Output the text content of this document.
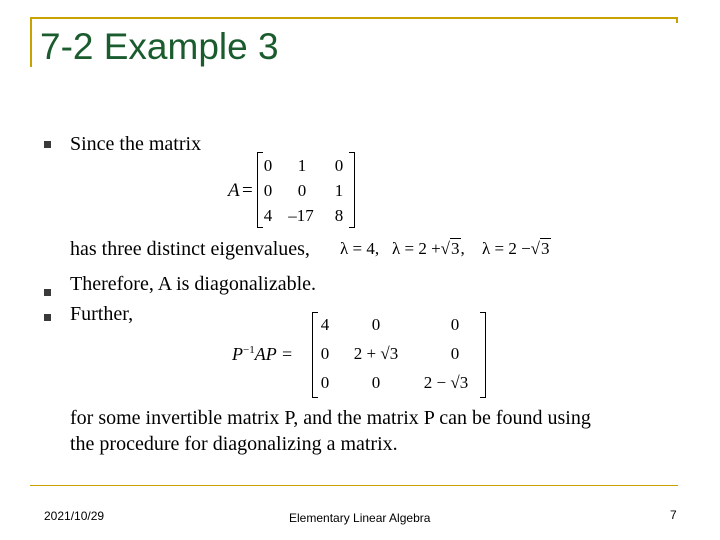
7-2 Example 3
Since the matrix
A =
0	1	0
0	0	1
4 –17 8
has three distinct eigenvalues, λ = 4, λ = 2 +√3, λ = 2 −√3
Therefore, A is diagonalizable.
Further,
$P^{-1}AP$ =
4	0	0
0	2 + √3	0
0	0	2 − √3
for some invertible matrix P, and the matrix P can be found using
the procedure for diagonalizing a matrix.
2021/10/29	Elementary Linear Algebra	7
